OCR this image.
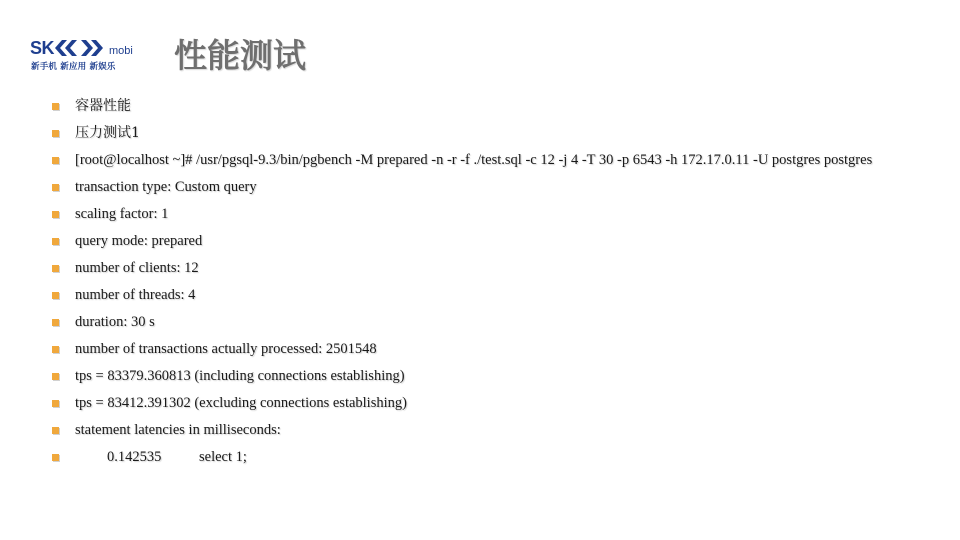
SK	mobi
新手机 新应用 新娱乐 性能测试
容器性能
压力测试1
[root@localhost ~]# /usr/pgsql-9.3/bin/pgbench -M prepared -n -r -f ./test.sql -c 12 -j 4 -T 30 -p 6543 -h 172.17.0.11 -U postgres postgres
transaction type: Custom query
scaling factor: 1
query mode: prepared
number of clients: 12
number of threads: 4
duration: 30 s
number of transactions actually processed: 2501548
tps = 83379.360813 (including connections establishing)
tps = 83412.391302 (excluding connections establishing)
statement latencies in milliseconds:
0.142535	select 1;
